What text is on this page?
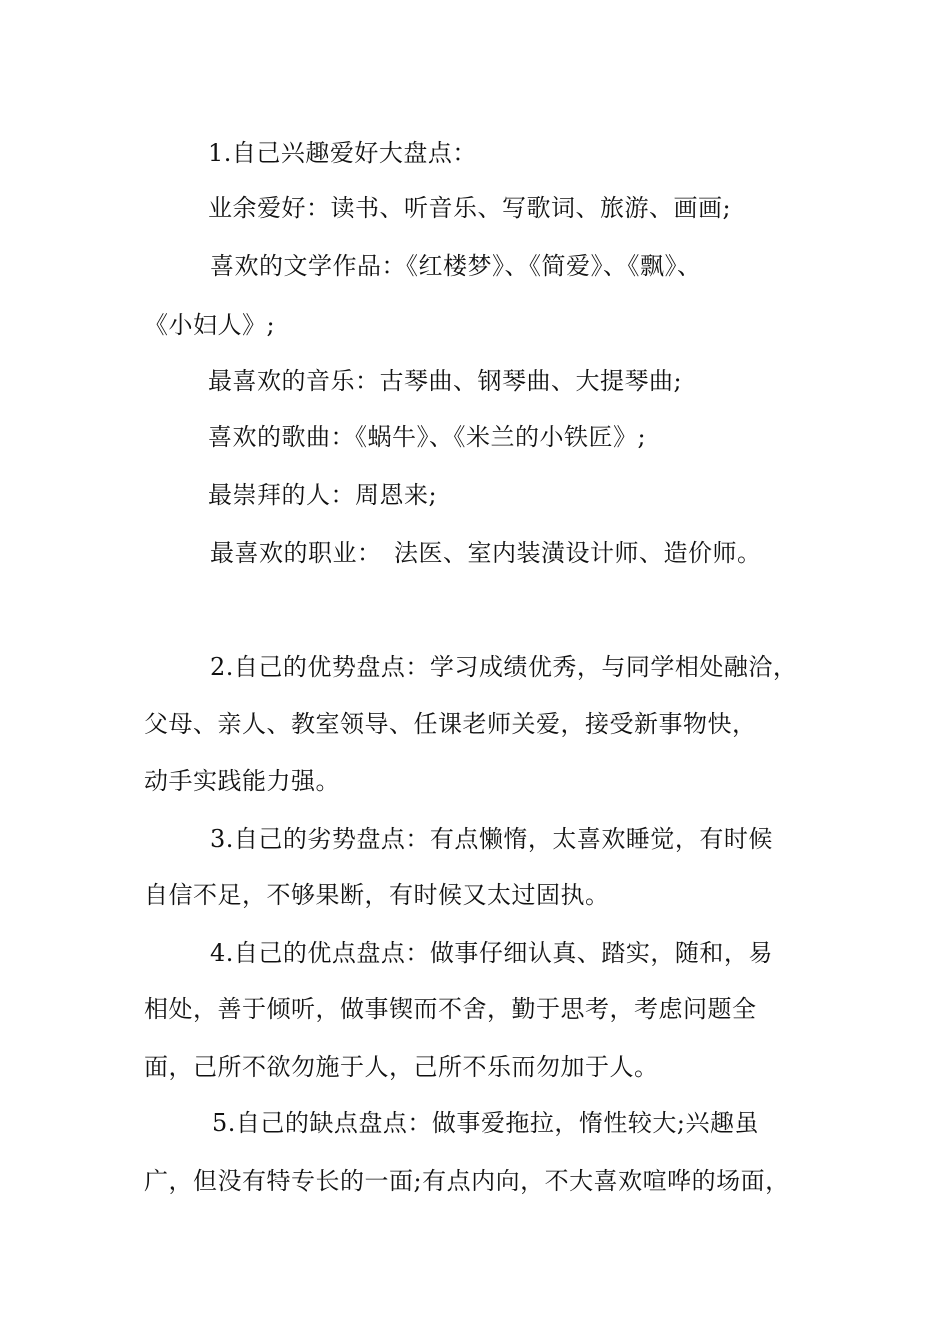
1.自己兴趣爱好大盘点：
业余爱好：读书、听音乐、写歌词、旅游、画画;
喜欢的文学作品：《红楼梦》、《简爱》、《飘》、
《小妇人》;
最喜欢的音乐：古琴曲、钢琴曲、大提琴曲;
喜欢的歌曲：《蜗牛》、《米兰的小铁匠》;
最崇拜的人：周恩来;
最喜欢的职业：　法医、室内装潢设计师、造价师。
2.自己的优势盘点：学习成绩优秀，与同学相处融洽，
父母、亲人、教室领导、任课老师关爱，接受新事物快，
动手实践能力强。
3.自己的劣势盘点：有点懒惰，太喜欢睡觉，有时候
自信不足，不够果断，有时候又太过固执。
4.自己的优点盘点：做事仔细认真、踏实，随和，易
相处，善于倾听，做事锲而不舍，勤于思考，考虑问题全
面，己所不欲勿施于人，己所不乐而勿加于人。
5.自己的缺点盘点：做事爱拖拉，惰性较大;兴趣虽
广，但没有特专长的一面;有点内向，不大喜欢喧哗的场面，
